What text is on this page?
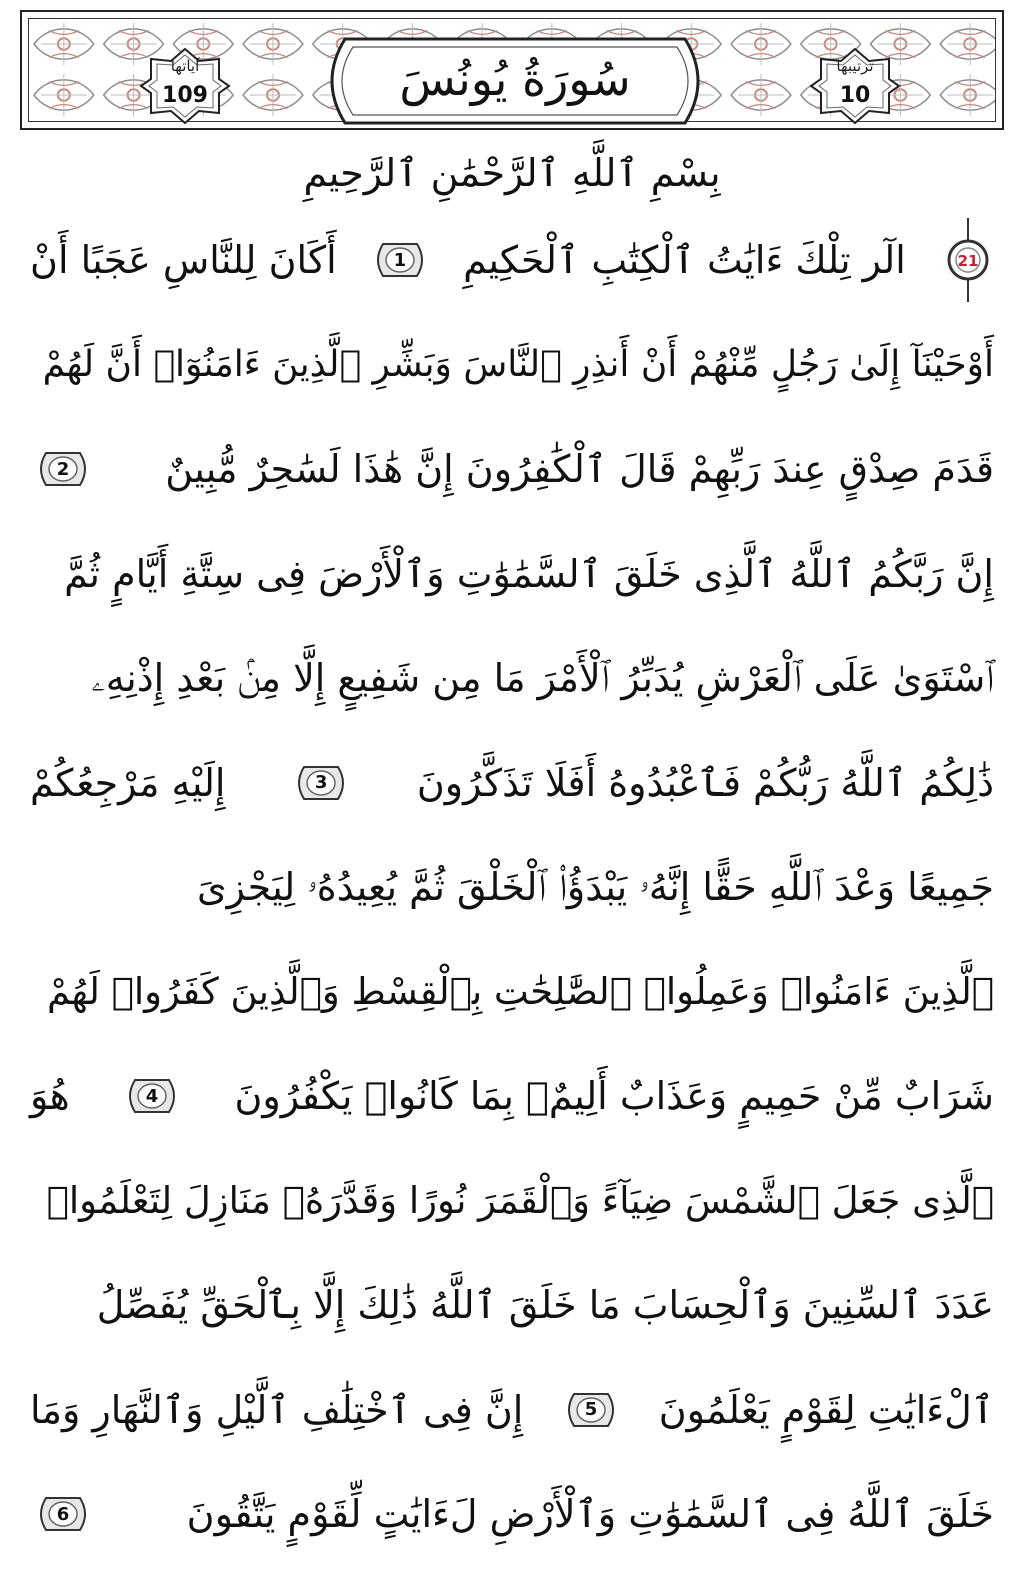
آياتها
109	سُورَةُ يُونُسَ	ترتيبها
10
بِسْمِ ٱللَّهِ ٱلرَّحْمَٰنِ ٱلرَّحِيمِ
21
الٓر تِلْكَ ءَايَٰتُ ٱلْكِتَٰبِ ٱلْحَكِيمِ
1
أَكَانَ لِلنَّاسِ عَجَبًا أَنْ
أَوْحَيْنَآ إِلَىٰ رَجُلٍ مِّنْهُمْ أَنْ أَنذِرِ ٱلنَّاسَ وَبَشِّرِ ٱلَّذِينَ ءَامَنُوٓا۟ أَنَّ لَهُمْ
قَدَمَ صِدْقٍ عِندَ رَبِّهِمْ قَالَ ٱلْكَٰفِرُونَ إِنَّ هَٰذَا لَسَٰحِرٌ مُّبِينٌ
2
إِنَّ رَبَّكُمُ ٱللَّهُ ٱلَّذِى خَلَقَ ٱلسَّمَٰوَٰتِ وَٱلْأَرْضَ فِى سِتَّةِ أَيَّامٍ ثُمَّ
ٱسْتَوَىٰ عَلَى ٱلْعَرْشِ يُدَبِّرُ ٱلْأَمْرَ مَا مِن شَفِيعٍ إِلَّا مِنۢ بَعْدِ إِذْنِهِۦ
ذَٰلِكُمُ ٱللَّهُ رَبُّكُمْ فَٱعْبُدُوهُ أَفَلَا تَذَكَّرُونَ
3
إِلَيْهِ مَرْجِعُكُمْ
جَمِيعًا وَعْدَ ٱللَّهِ حَقًّا إِنَّهُۥ يَبْدَؤُا۟ ٱلْخَلْقَ ثُمَّ يُعِيدُهُۥ لِيَجْزِىَ
ٱلَّذِينَ ءَامَنُوا۟ وَعَمِلُوا۟ ٱلصَّٰلِحَٰتِ بِٱلْقِسْطِ وَٱلَّذِينَ كَفَرُوا۟ لَهُمْ
شَرَابٌ مِّنْ حَمِيمٍ وَعَذَابٌ أَلِيمٌۢ بِمَا كَانُوا۟ يَكْفُرُونَ
4
هُوَ
ٱلَّذِى جَعَلَ ٱلشَّمْسَ ضِيَآءً وَٱلْقَمَرَ نُورًا وَقَدَّرَهُۥ مَنَازِلَ لِتَعْلَمُوا۟
عَدَدَ ٱلسِّنِينَ وَٱلْحِسَابَ مَا خَلَقَ ٱللَّهُ ذَٰلِكَ إِلَّا بِٱلْحَقِّ يُفَصِّلُ
ٱلْءَايَٰتِ لِقَوْمٍ يَعْلَمُونَ
5
إِنَّ فِى ٱخْتِلَٰفِ ٱلَّيْلِ وَٱلنَّهَارِ وَمَا
خَلَقَ ٱللَّهُ فِى ٱلسَّمَٰوَٰتِ وَٱلْأَرْضِ لَءَايَٰتٍ لِّقَوْمٍ يَتَّقُونَ
6
